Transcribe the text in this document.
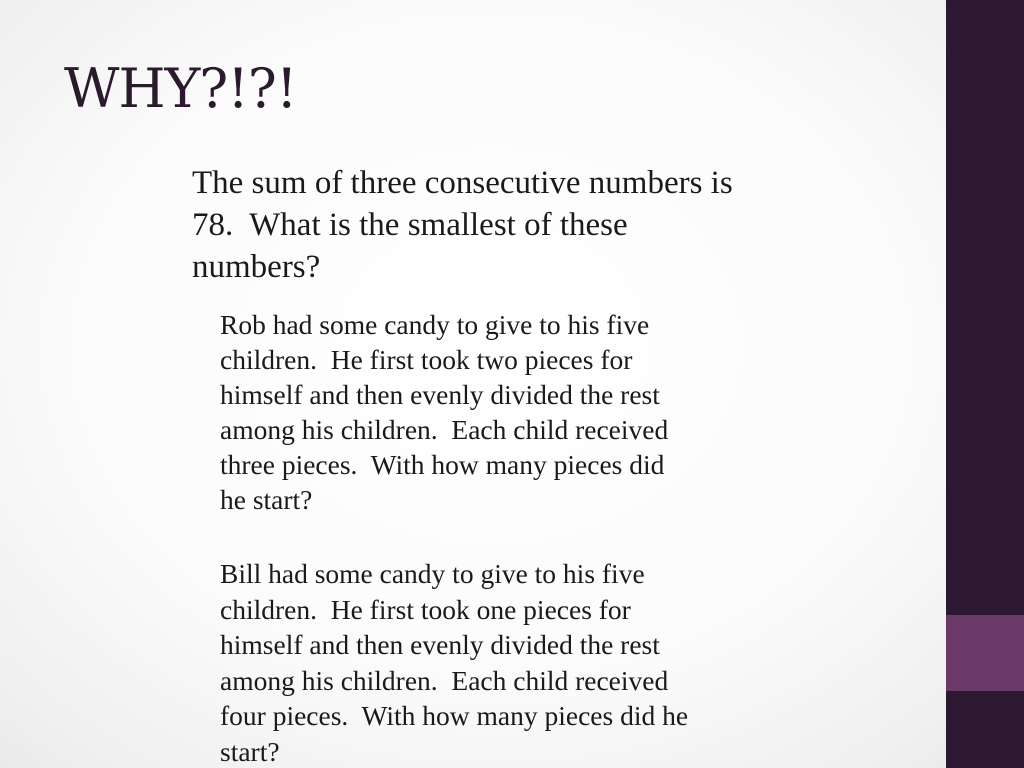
WHY?!?!

The sum of three consecutive numbers is
78.  What is the smallest of these
numbers?

Rob had some candy to give to his five
children.  He first took two pieces for
himself and then evenly divided the rest
among his children.  Each child received
three pieces.  With how many pieces did
he start?

Bill had some candy to give to his five
children.  He first took one pieces for
himself and then evenly divided the rest
among his children.  Each child received
four pieces.  With how many pieces did he
start?
